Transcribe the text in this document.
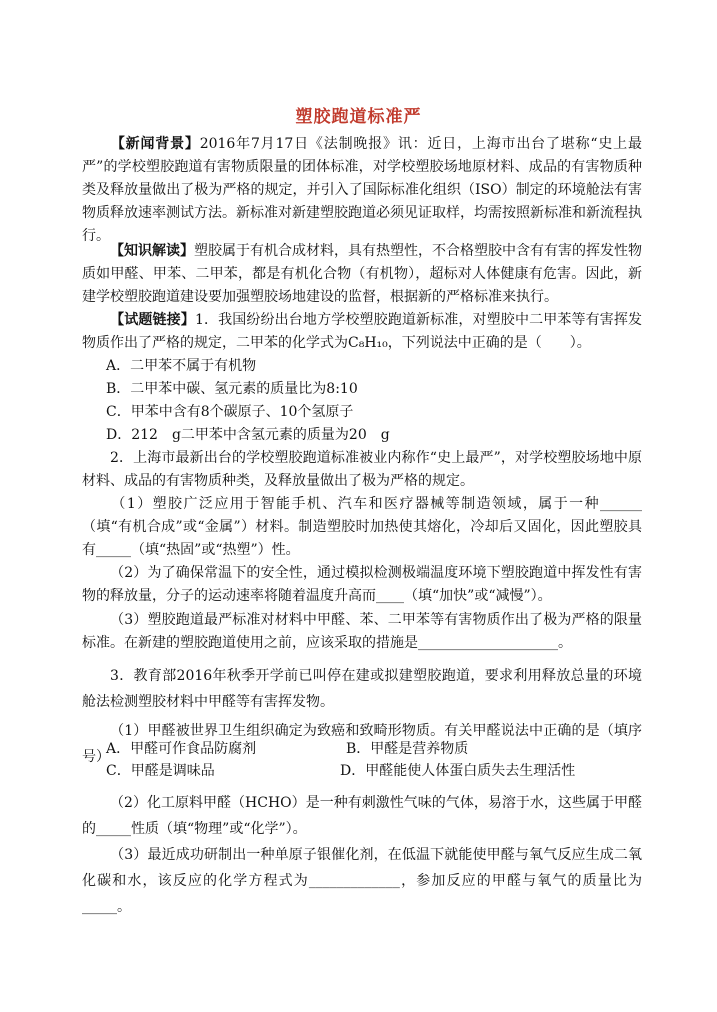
塑胶跑道标准严
【新闻背景】2016年7月17日《法制晚报》讯：近日，上海市出台了堪称“史上最严”的学校塑胶跑道有害物质限量的团体标准，对学校塑胶场地原材料、成品的有害物质种类及释放量做出了极为严格的规定，并引入了国际标准化组织（ISO）制定的环境舱法有害物质释放速率测试方法。新标准对新建塑胶跑道必须见证取样，均需按照新标准和新流程执行。
【知识解读】塑胶属于有机合成材料，具有热塑性，不合格塑胶中含有有害的挥发性物质如甲醛、甲苯、二甲苯，都是有机化合物（有机物），超标对人体健康有危害。因此，新建学校塑胶跑道建设要加强塑胶场地建设的监督，根据新的严格标准来执行。
【试题链接】1．我国纷纷出台地方学校塑胶跑道新标准，对塑胶中二甲苯等有害挥发物质作出了严格的规定，二甲苯的化学式为C₈H₁₀，下列说法中正确的是（　　）。
A．二甲苯不属于有机物
B．二甲苯中碳、氢元素的质量比为8:10
C．甲苯中含有8个碳原子、10个氢原子
D．212　g二甲苯中含氢元素的质量为20　g
2．上海市最新出台的学校塑胶跑道标准被业内称作“史上最严”，对学校塑胶场地中原材料、成品的有害物质种类，及释放量做出了极为严格的规定。
（1）塑胶广泛应用于智能手机、汽车和医疗器械等制造领域，属于一种______（填“有机合成”或“金属”）材料。制造塑胶时加热使其熔化，冷却后又固化，因此塑胶具有_____（填“热固”或“热塑”）性。
（2）为了确保常温下的安全性，通过模拟检测极端温度环境下塑胶跑道中挥发性有害物的释放量，分子的运动速率将随着温度升高而____（填“加快”或“减慢”）。
（3）塑胶跑道最严标准对材料中甲醛、苯、二甲苯等有害物质作出了极为严格的限量标准。在新建的塑胶跑道使用之前，应该采取的措施是____________________。
3．教育部2016年秋季开学前已叫停在建或拟建塑胶跑道，要求利用释放总量的环境舱法检测塑胶材料中甲醛等有害挥发物。
（1）甲醛被世界卫生组织确定为致癌和致畸形物质。有关甲醛说法中正确的是（填序号）
A．甲醛可作食品防腐剂	B．甲醛是营养物质
C．甲醛是调味品	D．甲醛能使人体蛋白质失去生理活性
（2）化工原料甲醛（HCHO）是一种有刺激性气味的气体，易溶于水，这些属于甲醛的_____性质（填“物理”或“化学”）。
（3）最近成功研制出一种单原子银催化剂，在低温下就能使甲醛与氧气反应生成二氧化碳和水，该反应的化学方程式为_____________，参加反应的甲醛与氧气的质量比为_____。
